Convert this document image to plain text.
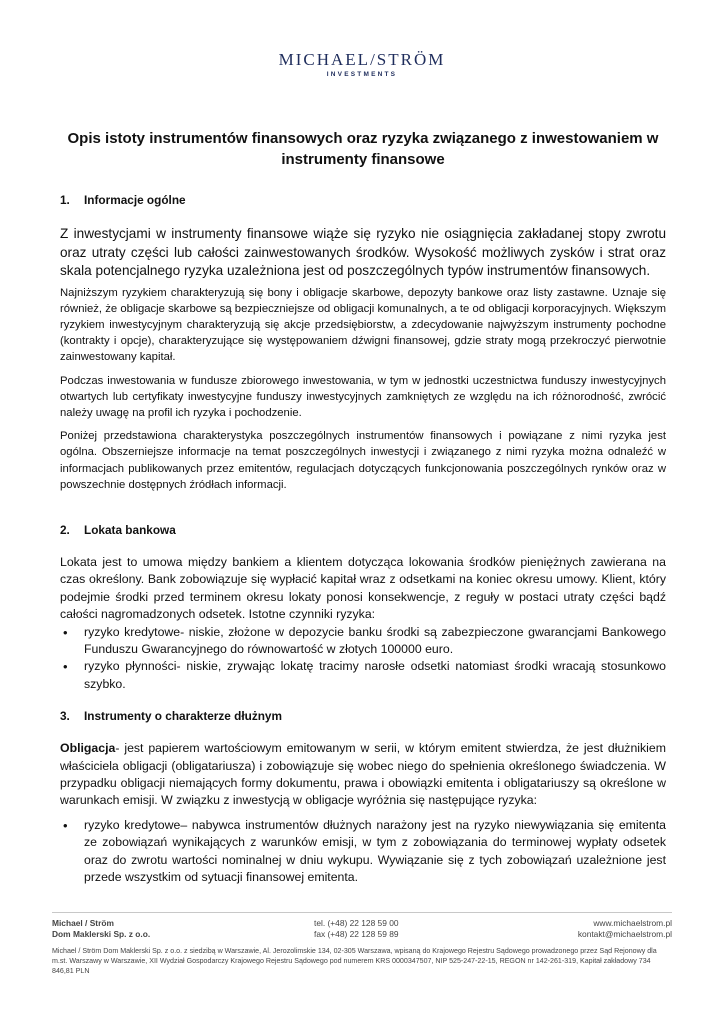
MICHAEL/STRÖM
INVESTMENTS
Opis istoty instrumentów finansowych oraz ryzyka związanego z inwestowaniem w instrumenty finansowe
1.	Informacje ogólne

Z inwestycjami w instrumenty finansowe wiąże się ryzyko nie osiągnięcia zakładanej stopy zwrotu oraz utraty części lub całości zainwestowanych środków. Wysokość możliwych zysków i strat oraz skala potencjalnego ryzyka uzależniona jest od poszczególnych typów instrumentów finansowych.

Najniższym ryzykiem charakteryzują się bony i obligacje skarbowe, depozyty bankowe oraz listy zastawne. Uznaje się również, że obligacje skarbowe są bezpieczniejsze od obligacji komunalnych, a te od obligacji korporacyjnych. Większym ryzykiem inwestycyjnym charakteryzują się akcje przedsiębiorstw, a zdecydowanie najwyższym instrumenty pochodne (kontrakty i opcje), charakteryzujące się występowaniem dźwigni finansowej, gdzie straty mogą przekroczyć pierwotnie zainwestowany kapitał.

Podczas inwestowania w fundusze zbiorowego inwestowania, w tym w jednostki uczestnictwa funduszy inwestycyjnych otwartych lub certyfikaty inwestycyjne funduszy inwestycyjnych zamkniętych ze względu na ich różnorodność, zwrócić należy uwagę na profil ich ryzyka i pochodzenie.

Poniżej przedstawiona charakterystyka poszczególnych instrumentów finansowych i powiązane z nimi ryzyka jest ogólna. Obszerniejsze informacje na temat poszczególnych inwestycji i związanego z nimi ryzyka można odnaleźć w informacjach publikowanych przez emitentów, regulacjach dotyczących funkcjonowania poszczególnych rynków oraz w powszechnie dostępnych źródłach informacji.

2.	Lokata bankowa

Lokata jest to umowa między bankiem a klientem dotycząca lokowania środków pieniężnych zawierana na czas określony. Bank zobowiązuje się wypłacić kapitał wraz z odsetkami na koniec okresu umowy. Klient, który podejmie środki przed terminem okresu lokaty ponosi konsekwencje, z reguły w postaci utraty części bądź całości nagromadzonych odsetek. Istotne czynniki ryzyka:

• ryzyko kredytowe- niskie, złożone w depozycie banku środki są zabezpieczone gwarancjami Bankowego Funduszu Gwarancyjnego do równowartość w złotych 100000 euro.
• ryzyko płynności- niskie, zrywając lokatę tracimy narosłe odsetki natomiast środki wracają stosunkowo szybko.
3.	Instrumenty o charakterze dłużnym

Obligacja- jest papierem wartościowym emitowanym w serii, w którym emitent stwierdza, że jest dłużnikiem właściciela obligacji (obligatariusza) i zobowiązuje się wobec niego do spełnienia określonego świadczenia. W przypadku obligacji niemających formy dokumentu, prawa i obowiązki emitenta i obligatariuszy są określone w warunkach emisji. W związku z inwestycją w obligacje wyróżnia się następujące ryzyka:

• ryzyko kredytowe– nabywca instrumentów dłużnych narażony jest na ryzyko niewywiązania się emitenta ze zobowiązań wynikających z warunków emisji, w tym z zobowiązania do terminowej wypłaty odsetek oraz do zwrotu wartości nominalnej w dniu wykupu. Wywiązanie się z tych zobowiązań uzależnione jest przede wszystkim od sytuacji finansowej emitenta.
Michael / Ström	tel. (+48) 22 128 59 00	www.michaelstrom.pl
Dom Maklerski Sp. z o.o.	fax (+48) 22 128 59 89	kontakt@michaelstrom.pl
Michael / Ström Dom Maklerski Sp. z o.o. z siedzibą w Warszawie, Al. Jerozolimskie 134, 02-305 Warszawa, wpisaną do Krajowego Rejestru Sądowego prowadzonego przez Sąd Rejonowy dla m.st. Warszawy w Warszawie, XII Wydział Gospodarczy Krajowego Rejestru Sądowego pod numerem KRS 0000347507, NIP 525-247-22-15, REGON nr 142-261-319, Kapitał zakładowy 734 846,81 PLN
